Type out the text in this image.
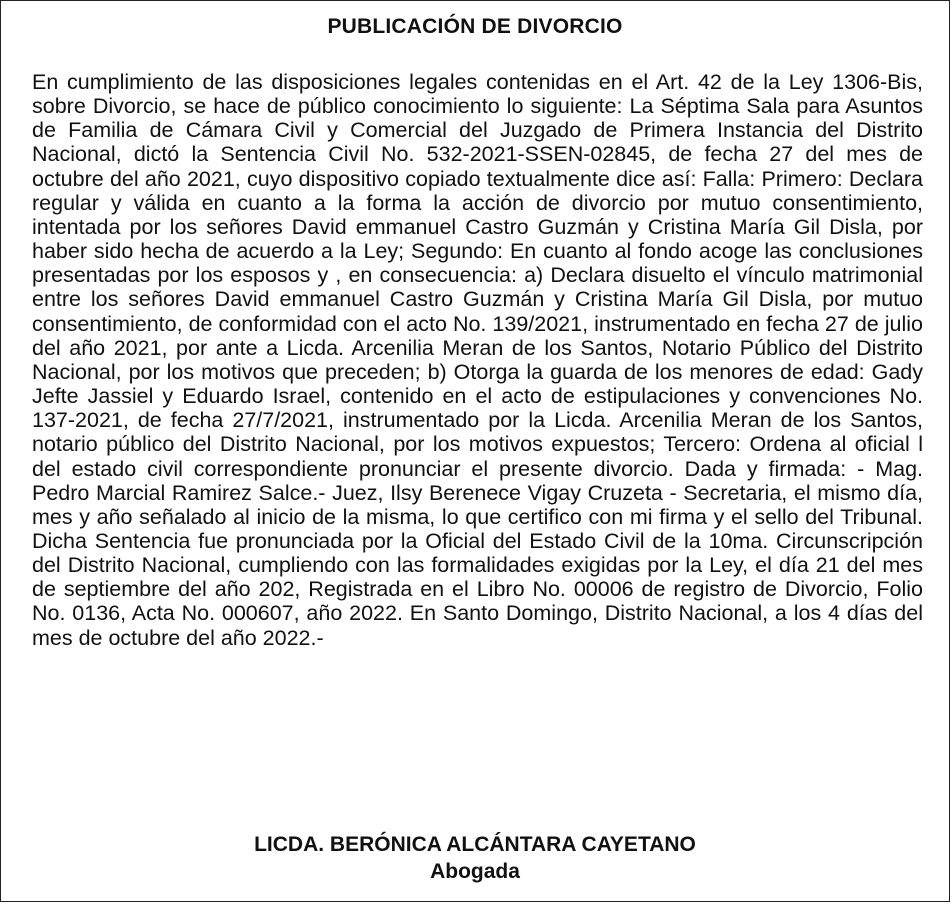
PUBLICACIÓN DE DIVORCIO

En cumplimiento de las disposiciones legales contenidas en el Art. 42 de la Ley 1306-Bis, sobre Divorcio, se hace de público conocimiento lo siguiente: La Séptima Sala para Asuntos de Familia de Cámara Civil y Comercial del Juzgado de Primera Instancia del Distrito Nacional, dictó la Sentencia Civil No. 532-2021-SSEN-02845, de fecha 27 del mes de octubre del año 2021, cuyo dispositivo copiado textualmente dice así: Falla: Primero: Declara regular y válida en cuanto a la forma la acción de divorcio por mutuo consentimiento, intentada por los señores David emmanuel Castro Guzmán y Cristina María Gil Disla, por haber sido hecha de acuerdo a la Ley; Segundo: En cuanto al fondo acoge las conclusiones presentadas por los esposos y , en consecuencia: a) Declara disuelto el vínculo matrimonial entre los señores David emmanuel Castro Guzmán y Cristina María Gil Disla, por mutuo consentimiento, de conformidad con el acto No. 139/2021, instrumentado en fecha 27 de julio del año 2021, por ante a Licda. Arcenilia Meran de los Santos, Notario Público del Distrito Nacional, por los motivos que preceden; b) Otorga la guarda de los menores de edad: Gady Jefte Jassiel y Eduardo Israel, contenido en el acto de estipulaciones y convenciones No. 137-2021, de fecha 27/7/2021, instrumentado por la Licda. Arcenilia Meran de los Santos, notario público del Distrito Nacional, por los motivos expuestos; Tercero: Ordena al oficial l del estado civil correspondiente pronunciar el presente divorcio. Dada y firmada: - Mag. Pedro Marcial Ramirez Salce.- Juez, Ilsy Berenece Vigay Cruzeta - Secretaria, el mismo día, mes y año señalado al inicio de la misma, lo que certifico con mi firma y el sello del Tribunal. Dicha Sentencia fue pronunciada por la Oficial del Estado Civil de la 10ma. Circunscripción del Distrito Nacional, cumpliendo con las formalidades exigidas por la Ley, el día 21 del mes de septiembre del año 202, Registrada en el Libro No. 00006 de registro de Divorcio, Folio No. 0136, Acta No. 000607, año 2022. En Santo Domingo, Distrito Nacional, a los 4 días del mes de octubre del año 2022.-

LICDA. BERÓNICA ALCÁNTARA CAYETANO
Abogada
